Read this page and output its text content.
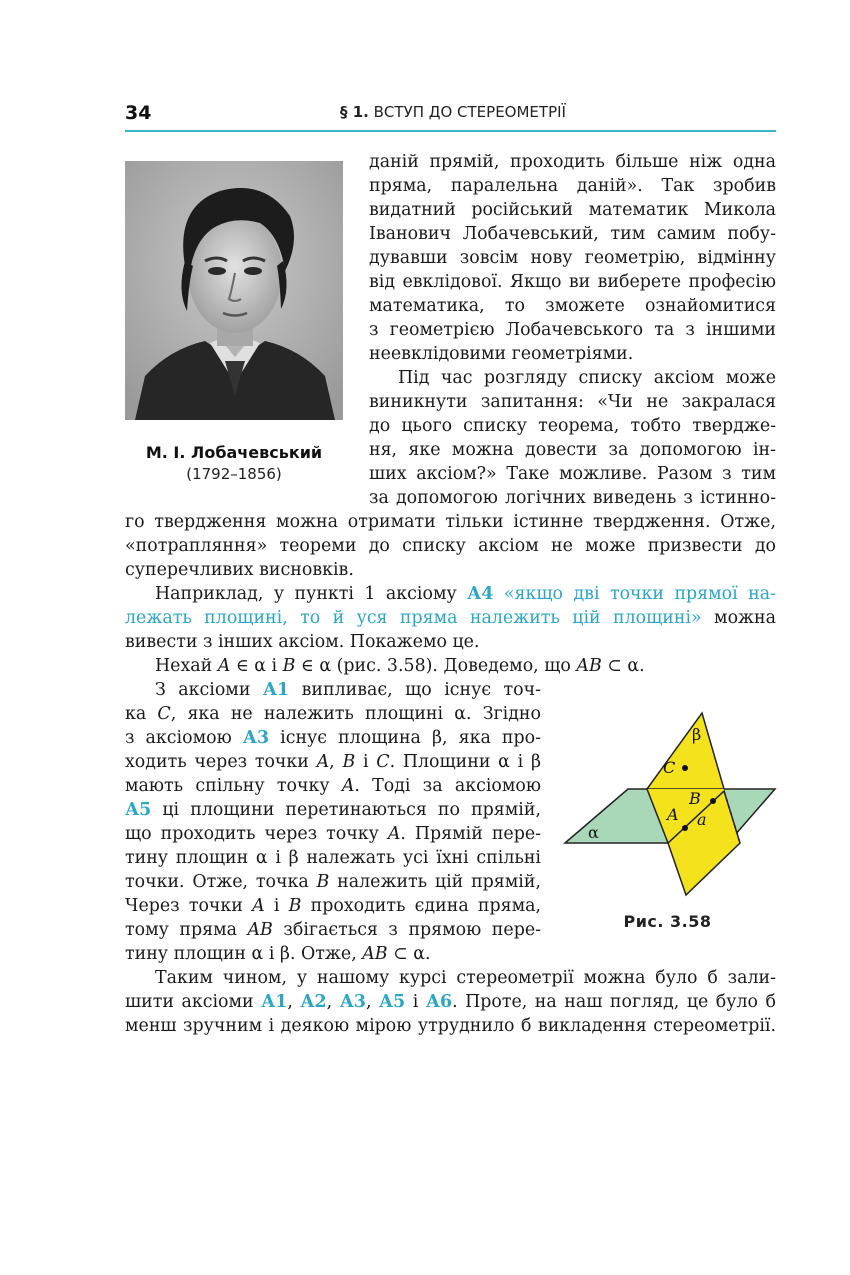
34	§ 1. ВСТУП ДО СТЕРЕОМЕТРІЇ
М. І. Лобачевський
(1792–1856)
даній прямій, проходить більше ніж одна
пряма, паралельна даній». Так зробив
видатний російський математик Микола
Іванович Лобачевський, тим самим побу-
дувавши зовсім нову геометрію, відмінну
від евклідової. Якщо ви виберете професію
математика, то зможете ознайомитися
з геометрією Лобачевського та з іншими
неевклідовими геометріями.
Під час розгляду списку аксіом може
виникнути запитання: «Чи не закралася
до цього списку теорема, тобто твердже-
ня, яке можна довести за допомогою ін-
ших аксіом?» Таке можливе. Разом з тим
за допомогою логічних виведень з істинно-
го твердження можна отримати тільки істинне твердження. Отже,
«потрапляння» теореми до списку аксіом не може призвести до
суперечливих висновків.
Наприклад, у пункті 1 аксіому А4 «якщо дві точки прямої на-
лежать площині, то й уся пряма належить цій площині» можна
вивести з інших аксіом. Покажемо це.
Нехай A ∈ α і B ∈ α (рис. 3.58). Доведемо, що AB ⊂ α.
З аксіоми А1 випливає, що існує точ-
ка C, яка не належить площині α. Згідно
з аксіомою А3 існує площина β, яка про-
ходить через точки A, B і C. Площини α і β
мають спільну точку A. Тоді за аксіомою
А5 ці площини перетинаються по прямій,
що проходить через точку A. Прямій пере-
тину площин α і β належать усі їхні спільні
точки. Отже, точка B належить цій прямій,
Через точки A і B проходить єдина пряма,
тому пряма AB збігається з прямою пере-
тину площин α і β. Отже, AB ⊂ α.
Таким чином, у нашому курсі стереометрії можна було б зали-
шити аксіоми А1, А2, А3, А5 і А6. Проте, на наш погляд, це було б
менш зручним і деякою мірою утруднило б викладення стереометрії.
α
β
C
A
B
a
Рис. 3.58
